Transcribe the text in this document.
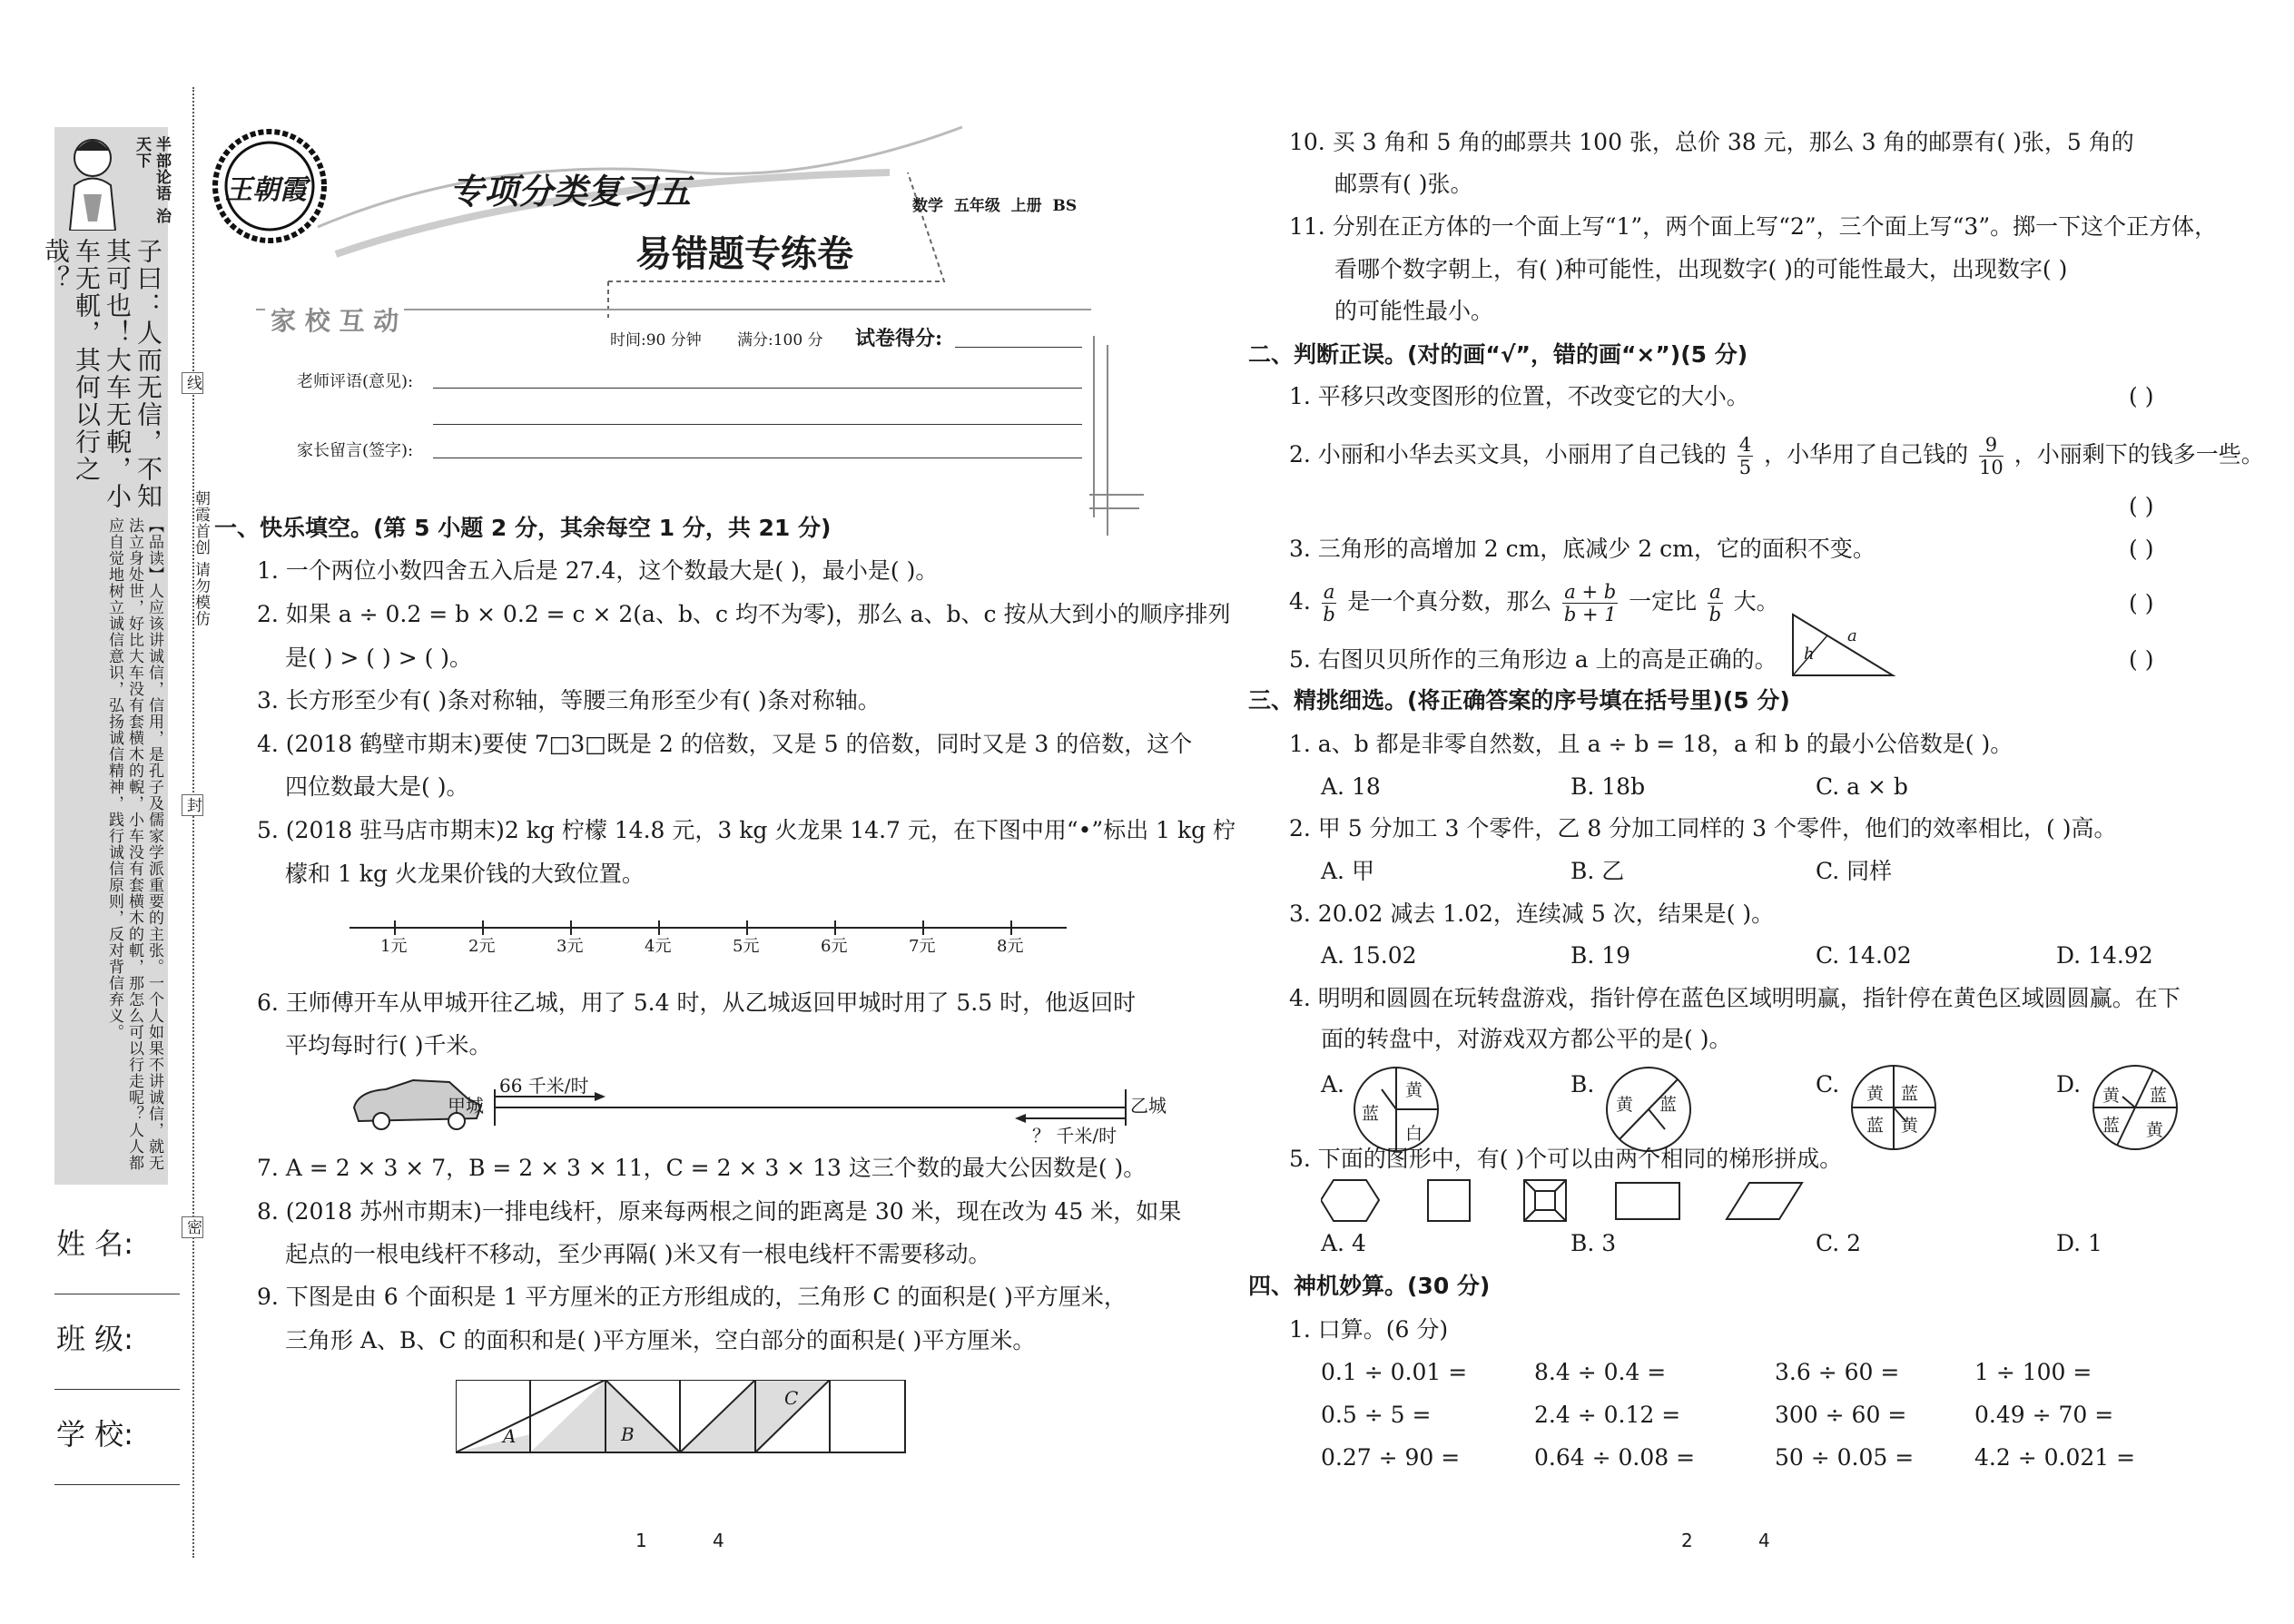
半部论语 治天下
子曰：人而无信，不知其可也！大车无輗，小车无軏，其何以行之哉？
【品读】人应该讲诚信，信用，是孔子及儒家学派重要的主张。一个人如果不讲诚信，就无法立身处世，好比大车没有套横木的輗，小车没有套横木的軏，那怎么可以行走呢？人人都应自觉地树立诚信意识，弘扬诚信精神，践行诚信原则，反对背信弃义。
线
朝霞首创 请勿模仿
封
密
姓 名:
班 级:
学 校:
王朝霞	专项分类复习五
易错题专练卷
数学  五年级  上册  BS
家 校 互 动
时间:90 分钟 满分:100 分 试卷得分:
老师评语(意见):
家长留言(签字):
一、快乐填空。(第 5 小题 2 分，其余每空 1 分，共 21 分)
1. 一个两位小数四舍五入后是 27.4，这个数最大是( )，最小是( )。
2. 如果 a ÷ 0.2 = b × 0.2 = c × 2(a、b、c 均不为零)，那么 a、b、c 按从大到小的顺序排列
是( ) > ( ) > ( )。
3. 长方形至少有( )条对称轴，等腰三角形至少有( )条对称轴。
4. (2018 鹤壁市期末)要使 7□3□既是 2 的倍数，又是 5 的倍数，同时又是 3 的倍数，这个
四位数最大是( )。
5. (2018 驻马店市期末)2 kg 柠檬 14.8 元，3 kg 火龙果 14.7 元，在下图中用“•”标出 1 kg 柠
檬和 1 kg 火龙果价钱的大致位置。
1元	2元	3元	4元	5元	6元	7元	8元
6. 王师傅开车从甲城开往乙城，用了 5.4 时，从乙城返回甲城时用了 5.5 时，他返回时
平均每时行( )千米。
甲城	乙城
66 千米/时
？ 千米/时
7. A = 2 × 3 × 7，B = 2 × 3 × 11，C = 2 × 3 × 13 这三个数的最大公因数是( )。
8. (2018 苏州市期末)一排电线杆，原来每两根之间的距离是 30 米，现在改为 45 米，如果
起点的一根电线杆不移动，至少再隔( )米又有一根电线杆不需要移动。
9. 下图是由 6 个面积是 1 平方厘米的正方形组成的，三角形 C 的面积是( )平方厘米，
三角形 A、B、C 的面积和是( )平方厘米，空白部分的面积是( )平方厘米。
A	B
C
1	4
10. 买 3 角和 5 角的邮票共 100 张，总价 38 元，那么 3 角的邮票有( )张，5 角的
邮票有( )张。
11. 分别在正方体的一个面上写“1”，两个面上写“2”，三个面上写“3”。掷一下这个正方体，
看哪个数字朝上，有( )种可能性，出现数字( )的可能性最大，出现数字( )
的可能性最小。
二、判断正误。(对的画“√”，错的画“×”)(5 分)
1. 平移只改变图形的位置，不改变它的大小。	( )
2. 小丽和小华去买文具，小丽用了自己钱的 $\frac{4}{5}$ ，小华用了自己钱的 $\frac{9}{10}$ ，小丽剩下的钱多一些。
( )
3. 三角形的高增加 2 cm，底减少 2 cm，它的面积不变。	( )
4. $\frac{a}{b}$ 是一个真分数，那么 $\frac{a + b}{b + 1}$ 一定比 $\frac{a}{b}$ 大。	( )
5. 右图贝贝所作的三角形边 a 上的高是正确的。 h
a
( )
三、精挑细选。(将正确答案的序号填在括号里)(5 分)
1. a、b 都是非零自然数，且 a ÷ b = 18，a 和 b 的最小公倍数是( )。
A. 18	B. 18b	C. a × b
2. 甲 5 分加工 3 个零件，乙 8 分加工同样的 3 个零件，他们的效率相比，( )高。
A. 甲	B. 乙	C. 同样
3. 20.02 减去 1.02，连续减 5 次，结果是( )。
A. 15.02	B. 19	C. 14.02	D. 14.92
4. 明明和圆圆在玩转盘游戏，指针停在蓝色区域明明赢，指针停在黄色区域圆圆赢。在下
面的转盘中，对游戏双方都公平的是( )。
A.
蓝
黄
白
B.
黄 蓝
C. 黄 蓝
蓝 黄
D. 黄 蓝
蓝 黄
5. 下面的图形中，有( )个可以由两个相同的梯形拼成。
A. 4	B. 3	C. 2	D. 1
四、神机妙算。(30 分)
1. 口算。(6 分)
0.1 ÷ 0.01 =	8.4 ÷ 0.4 =	3.6 ÷ 60 =	1 ÷ 100 =
0.5 ÷ 5 =	2.4 ÷ 0.12 =	300 ÷ 60 =	0.49 ÷ 70 =
0.27 ÷ 90 =	0.64 ÷ 0.08 =	50 ÷ 0.05 =	4.2 ÷ 0.021 =
2	4
